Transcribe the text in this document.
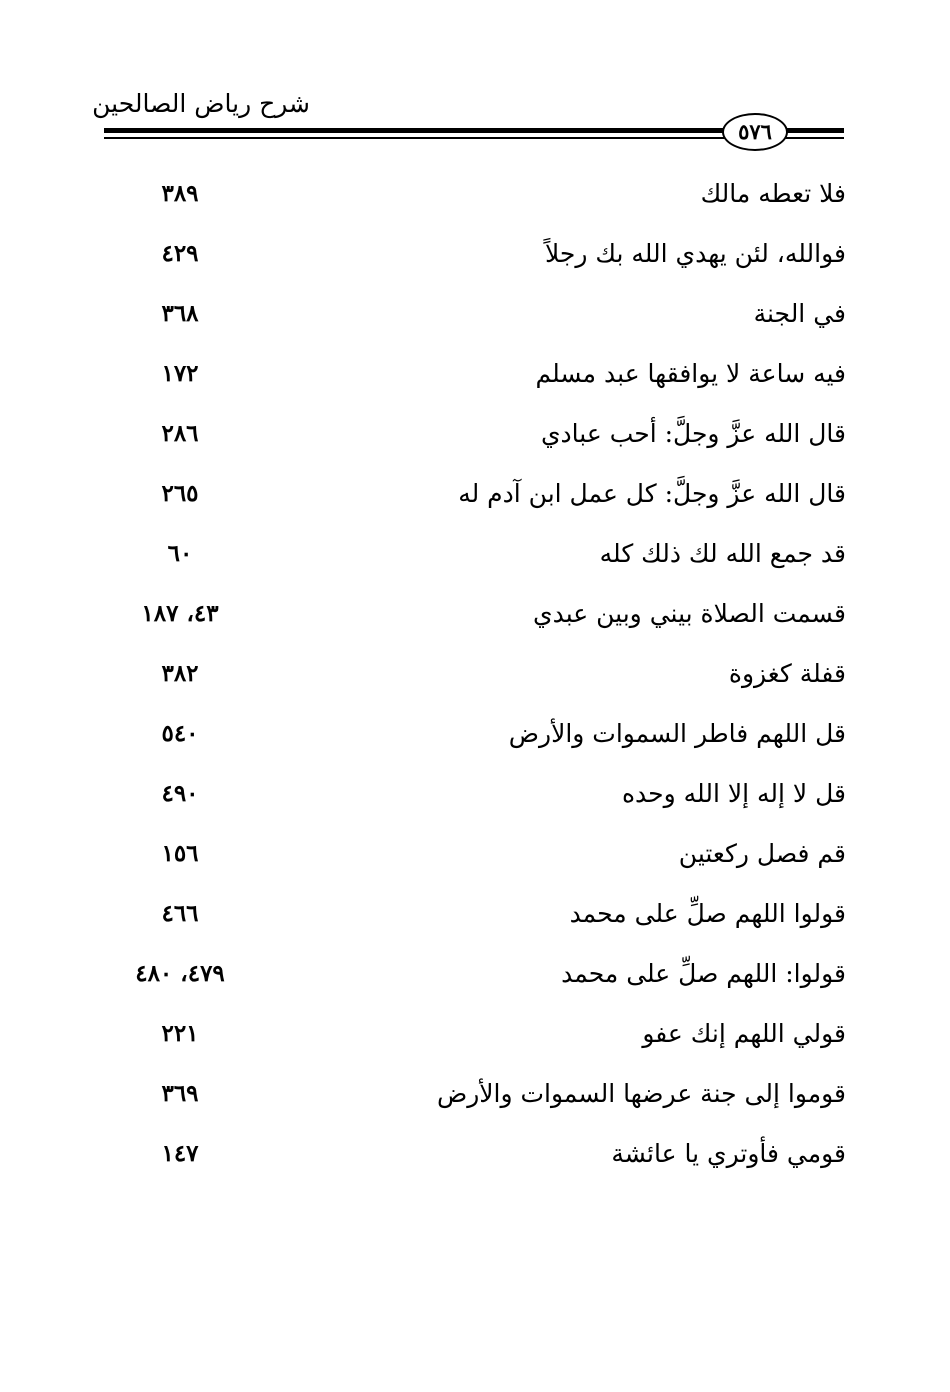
شرح رياض الصالحين
٥٧٦
فلا تعطه مالك
٣٨٩
فوالله، لئن يهدي الله بك رجلاً
٤٢٩
في الجنة
٣٦٨
فيه ساعة لا يوافقها عبد مسلم
١٧٢
قال الله عزَّ وجلَّ: أحب عبادي
٢٨٦
قال الله عزَّ وجلَّ: كل عمل ابن آدم له
٢٦٥
قد جمع الله لك ذلك كله
٦٠
قسمت الصلاة بيني وبين عبدي
٤٣، ١٨٧
قفلة كغزوة
٣٨٢
قل اللهم فاطر السموات والأرض
٥٤٠
قل لا إله إلا الله وحده
٤٩٠
قم فصل ركعتين
١٥٦
قولوا اللهم صلِّ على محمد
٤٦٦
قولوا: اللهم صلِّ على محمد
٤٧٩، ٤٨٠
قولي اللهم إنك عفو
٢٢١
قوموا إلى جنة عرضها السموات والأرض
٣٦٩
قومي فأوتري يا عائشة
١٤٧
